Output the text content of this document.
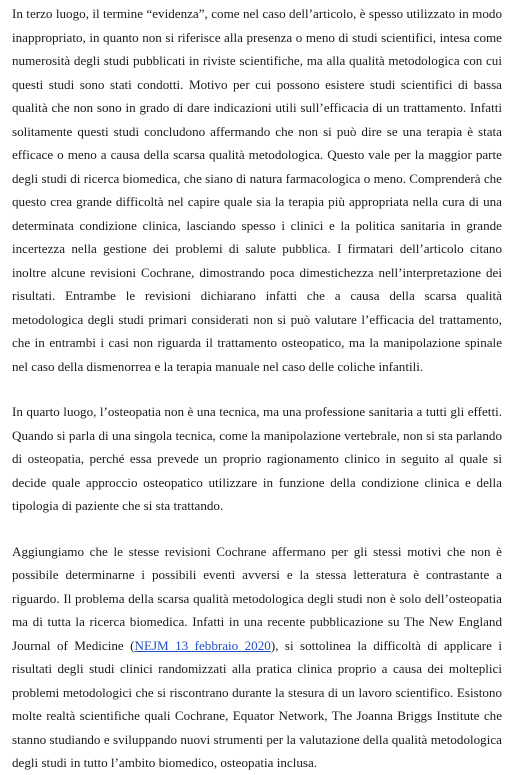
In terzo luogo, il termine “evidenza”, come nel caso dell’articolo, è spesso utilizzato in modo inappropriato, in quanto non si riferisce alla presenza o meno di studi scientifici, intesa come numerosità degli studi pubblicati in riviste scientifiche, ma alla qualità metodologica con cui questi studi sono stati condotti. Motivo per cui possono esistere studi scientifici di bassa qualità che non sono in grado di dare indicazioni utili sull’efficacia di un trattamento. Infatti solitamente questi studi concludono affermando che non si può dire se una terapia è stata efficace o meno a causa della scarsa qualità metodologica. Questo vale per la maggior parte degli studi di ricerca biomedica, che siano di natura farmacologica o meno. Comprenderà che questo crea grande difficoltà nel capire quale sia la terapia più appropriata nella cura di una determinata condizione clinica, lasciando spesso i clinici e la politica sanitaria in grande incertezza nella gestione dei problemi di salute pubblica. I firmatari dell’articolo citano inoltre alcune revisioni Cochrane, dimostrando poca dimestichezza nell’interpretazione dei risultati. Entrambe le revisioni dichiarano infatti che a causa della scarsa qualità metodologica degli studi primari considerati non si può valutare l’efficacia del trattamento, che in entrambi i casi non riguarda il trattamento osteopatico, ma la manipolazione spinale nel caso della dismenorrea e la terapia manuale nel caso delle coliche infantili.

In quarto luogo, l’osteopatia non è una tecnica, ma una professione sanitaria a tutti gli effetti. Quando si parla di una singola tecnica, come la manipolazione vertebrale, non si sta parlando di osteopatia, perché essa prevede un proprio ragionamento clinico in seguito al quale si decide quale approccio osteopatico utilizzare in funzione della condizione clinica e della tipologia di paziente che si sta trattando.

Aggiungiamo che le stesse revisioni Cochrane affermano per gli stessi motivi che non è possibile determinarne i possibili eventi avversi e la stessa letteratura è contrastante a riguardo. Il problema della scarsa qualità metodologica degli studi non è solo dell’osteopatia ma di tutta la ricerca biomedica. Infatti in una recente pubblicazione su The New England Journal of Medicine (NEJM 13 febbraio 2020), si sottolinea la difficoltà di applicare i risultati degli studi clinici randomizzati alla pratica clinica proprio a causa dei molteplici problemi metodologici che si riscontrano durante la stesura di un lavoro scientifico. Esistono molte realtà scientifiche quali Cochrane, Equator Network, The Joanna Briggs Institute che stanno studiando e sviluppando nuovi strumenti per la valutazione della qualità metodologica degli studi in tutto l’ambito biomedico, osteopatia inclusa.
